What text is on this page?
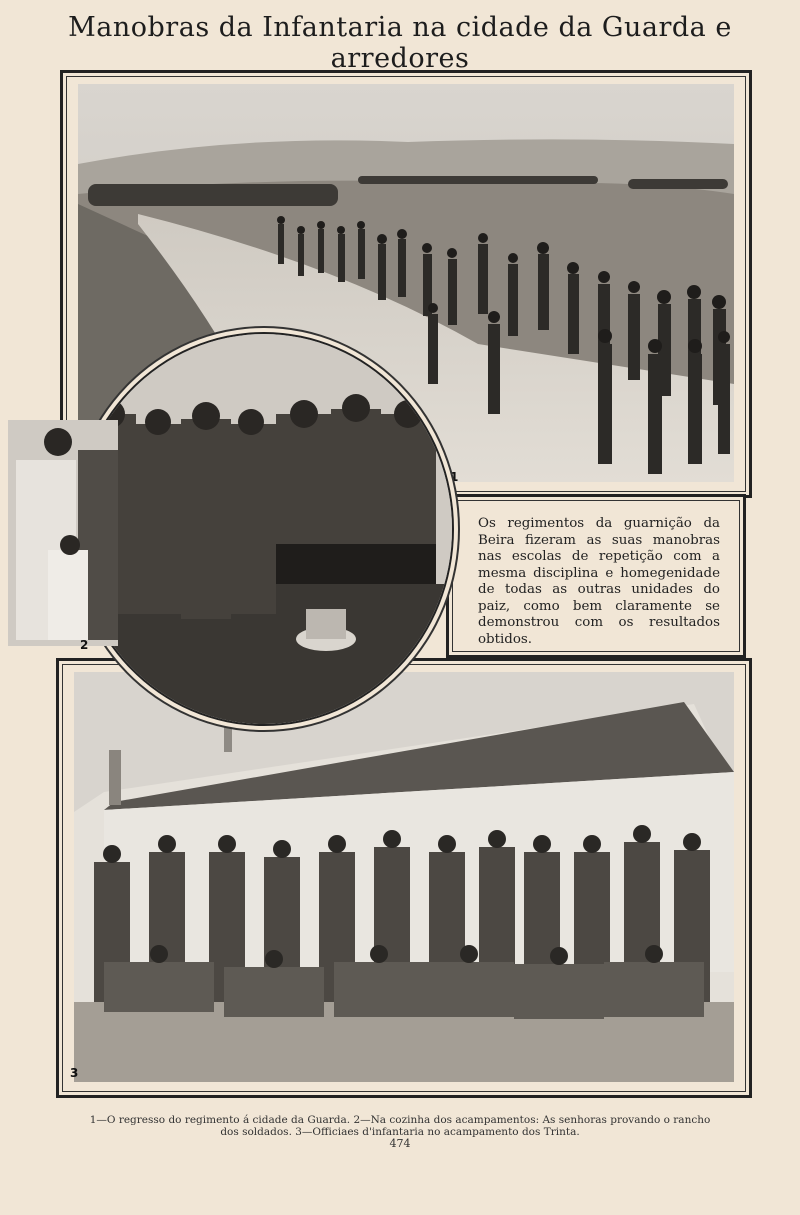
Manobras da Infantaria na cidade da Guarda e arredores
1

Os regimentos da guarnição da Beira fizeram as suas manobras nas escolas de repetição com a mesma disciplina e homegenidade de todas as outras unidades do paiz, como bem claramente se demonstrou com os resultados obtidos.

3
2
1—O regresso do regimento á cidade da Guarda. 2—Na cozinha dos acampamentos: As senhoras provando o rancho
dos soldados. 3—Officiaes d'infantaria no acampamento dos Trinta.
474
